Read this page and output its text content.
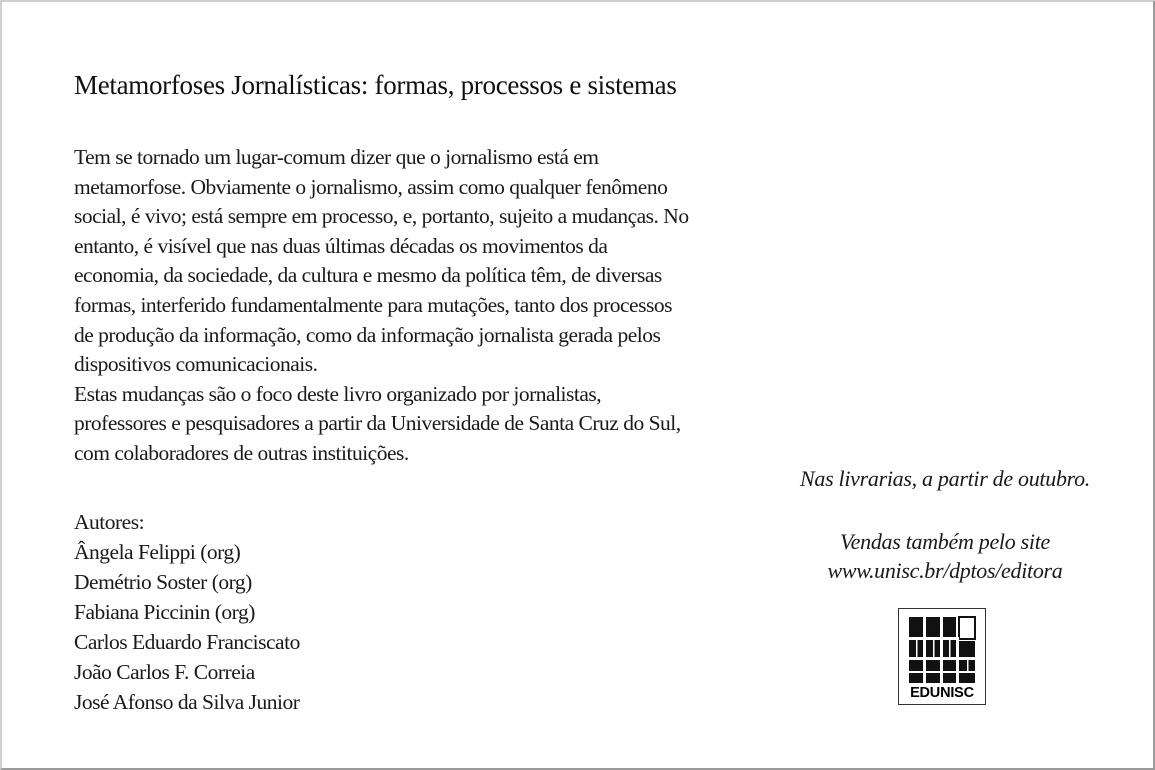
Metamorfoses Jornalísticas: formas, processos e sistemas
Tem se tornado um lugar-comum dizer que o jornalismo está em
metamorfose. Obviamente o jornalismo, assim como qualquer fenômeno
social, é vivo; está sempre em processo, e, portanto, sujeito a mudanças. No
entanto, é visível que nas duas últimas décadas os movimentos da
economia, da sociedade, da cultura e mesmo da política têm, de diversas
formas, interferido fundamentalmente para mutações, tanto dos processos
de produção da informação, como da informação jornalista gerada pelos
dispositivos comunicacionais.
Estas mudanças são o foco deste livro organizado por jornalistas,
professores e pesquisadores a partir da Universidade de Santa Cruz do Sul,
com colaboradores de outras instituições.
Autores:
Ângela Felippi (org)
Demétrio Soster (org)
Fabiana Piccinin (org)
Carlos Eduardo Franciscato
João Carlos F. Correia
José Afonso da Silva Junior
Nas livrarias, a partir de outubro.
Vendas também pelo site
www.unisc.br/dptos/editora
EDUNISC
